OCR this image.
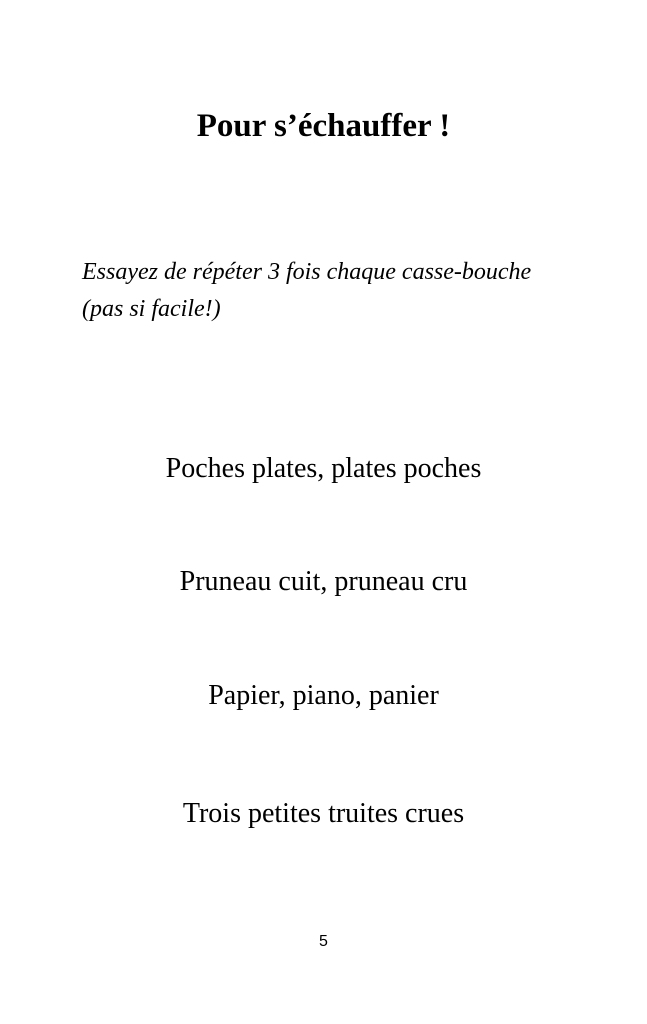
Pour s’échauffer !

Essayez de répéter 3 fois chaque casse-bouche (pas si facile!)

Poches plates, plates poches

Pruneau cuit, pruneau cru

Papier, piano, panier

Trois petites truites crues

5
